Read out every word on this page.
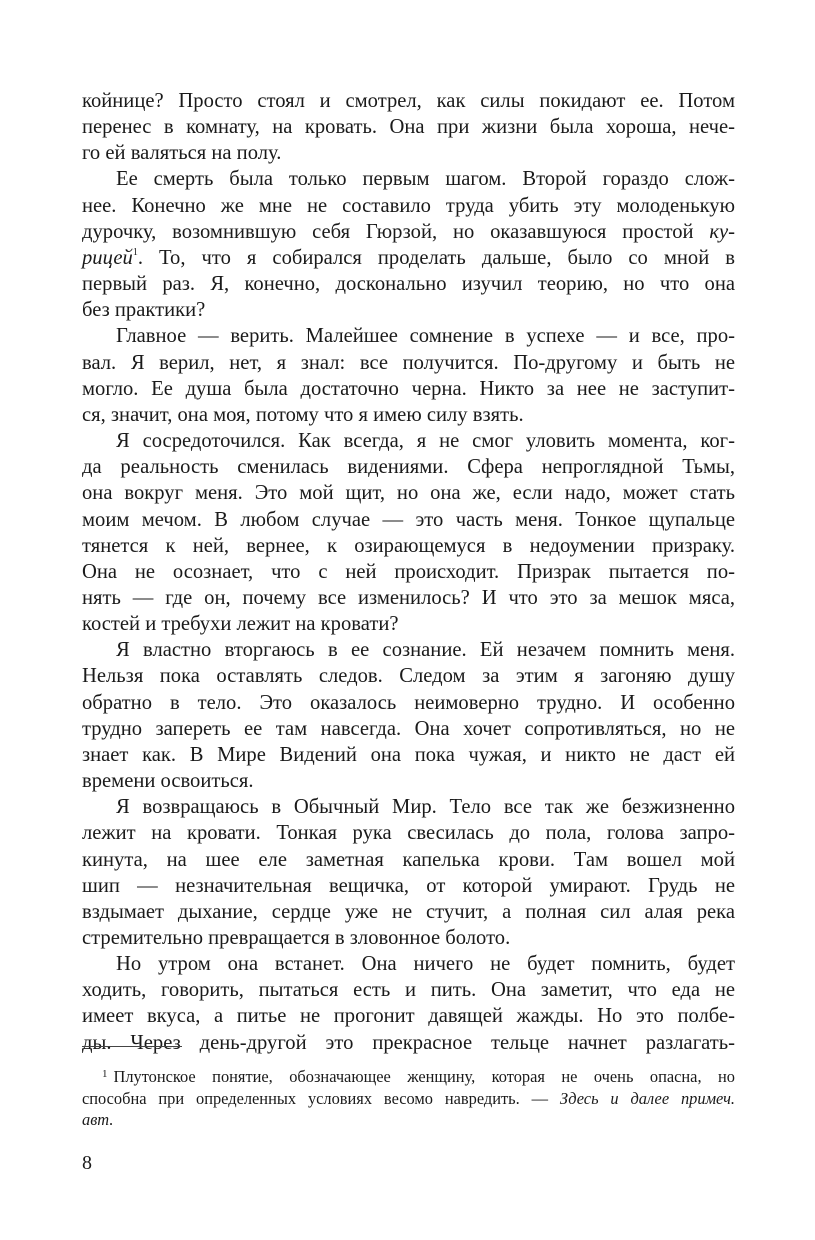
койнице? Просто стоял и смотрел, как силы покидают ее. Потом
перенес в комнату, на кровать. Она при жизни была хороша, нече-
го ей валяться на полу.

Ее смерть была только первым шагом. Второй гораздо слож-
нее. Конечно же мне не составило труда убить эту молоденькую
дурочку, возомнившую себя Гюрзой, но оказавшуюся простой ку-
рицей$^1$. То, что я собирался проделать дальше, было со мной в
первый раз. Я, конечно, досконально изучил теорию, но что она
без практики?

Главное — верить. Малейшее сомнение в успехе — и все, про-
вал. Я верил, нет, я знал: все получится. По-другому и быть не
могло. Ее душа была достаточно черна. Никто за нее не заступит-
ся, значит, она моя, потому что я имею силу взять.

Я сосредоточился. Как всегда, я не смог уловить момента, ког-
да реальность сменилась видениями. Сфера непроглядной Тьмы,
она вокруг меня. Это мой щит, но она же, если надо, может стать
моим мечом. В любом случае — это часть меня. Тонкое щупальце
тянется к ней, вернее, к озирающемуся в недоумении призраку.
Она не осознает, что с ней происходит. Призрак пытается по-
нять — где он, почему все изменилось? И что это за мешок мяса,
костей и требухи лежит на кровати?

Я властно вторгаюсь в ее сознание. Ей незачем помнить меня.
Нельзя пока оставлять следов. Следом за этим я загоняю душу
обратно в тело. Это оказалось неимоверно трудно. И особенно
трудно запереть ее там навсегда. Она хочет сопротивляться, но не
знает как. В Мире Видений она пока чужая, и никто не даст ей
времени освоиться.

Я возвращаюсь в Обычный Мир. Тело все так же безжизненно
лежит на кровати. Тонкая рука свесилась до пола, голова запро-
кинута, на шее еле заметная капелька крови. Там вошел мой
шип — незначительная вещичка, от которой умирают. Грудь не
вздымает дыхание, сердце уже не стучит, а полная сил алая река
стремительно превращается в зловонное болото.

Но утром она встанет. Она ничего не будет помнить, будет
ходить, говорить, пытаться есть и пить. Она заметит, что еда не
имеет вкуса, а питье не прогонит давящей жажды. Но это полбе-
ды. Через день-другой это прекрасное тельце начнет разлагать-

$^1$ Плутонское понятие, обозначающее женщину, которая не очень опасна, но
способна при определенных условиях весомо навредить. — Здесь и далее примеч.
авт.
8
